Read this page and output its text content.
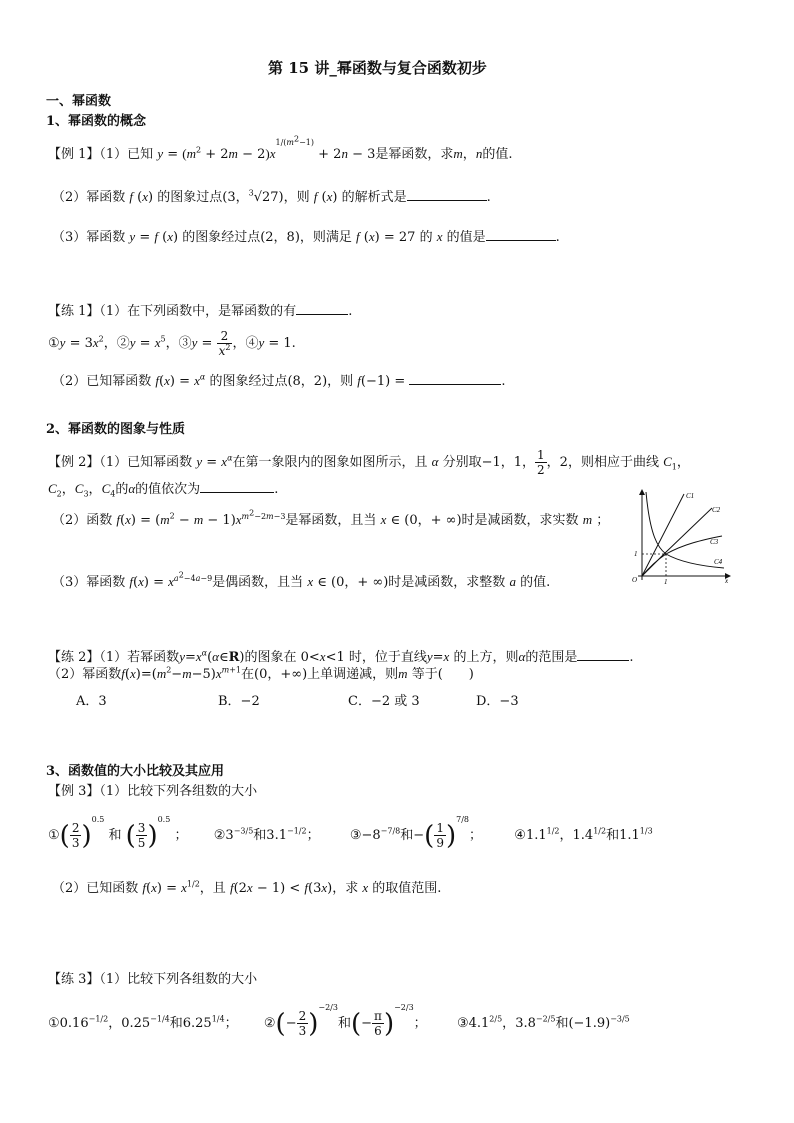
第 15 讲_幂函数与复合函数初步
一、幂函数
1、幂函数的概念
【例 1】（1）已知 $y = (m^2 + 2m - 2)x^{1/(m^2-1)} + 2n - 3$是幂函数，求m，n的值.
（2）幂函数 f (x) 的图象过点(3，$^3$√27)，则 f (x) 的解析式是	.
（3）幂函数 y = f (x) 的图象经过点(2，8)，则满足 f (x) = 27 的 x 的值是	.
【练 1】（1）在下列函数中，是幂函数的有	.
①y = $3x^2$，②y = $x^5$，③y = $\frac{2}{x^2}$ ，④y = 1.
（2）已知幂函数 $f(x) = x^\alpha$ 的图象经过点(8，2)，则 f(−1) =	.
2、幂函数的图象与性质
【例 2】（1）已知幂函数 $y = x^\alpha$在第一象限内的图象如图所示，且 α 分别取−1，1， $\frac{1}{2}$ ，2，则相应于曲线 $C_1$，
$C_2$，$C_3$，$C_4$的α的值依次为	.
（2）函数 $f(x) = (m^2 - m - 1)x^{m^2-2m-3}$是幂函数，且当 x ∈ (0，+ ∞)时是减函数，求实数 m ；
（3）幂函数 $f(x) = x^{a^2-4a-9}$是偶函数，且当 x ∈ (0，+ ∞)时是减函数，求整数 a 的值.
C1
C2
C3
C4
1
1
O	x
【练 2】（1）若幂函数$y=x^\alpha(\alpha\in R)$的图象在 0<x<1 时，位于直线y=x 的上方，则α的范围是	.
（2）幂函数$f(x)=(m^2-m-5)x^{m+1}$在(0，+∞)上单调递减，则m 等于(　　)
A．3	B．−2	C．−2 或 3	D．−3
3、函数值的大小比较及其应用
【例 3】（1）比较下列各组数的大小
①( $\frac{2}{3} )^{0.5}$ 和 ( $\frac{3}{5} )^{0.5}$ ； $②3^{-3/5}$和$3.1^{-1/2}$；  $③-8^{-7/8}$和−( $\frac{1}{9} )^{7/8}$；  $④1.1^{1/2}$，$1.4^{1/2}$和$1.1^{1/3}$
（2）已知函数 $f(x) = x^{1/2}$，且 f(2x − 1) < f(3x)，求 x 的取值范围.
【练 3】（1）比较下列各组数的大小
$①0.16^{-1/2}$，$0.25^{-1/4}$和$6.25^{1/4}$； ②(− $\frac{2}{3} )^{-2/3}$和(− $\frac{\pi}{6} )^{-2/3}$；  $③4.1^{2/5}$，$3.8^{-2/5}$和$(-1.9)^{-3/5}$
